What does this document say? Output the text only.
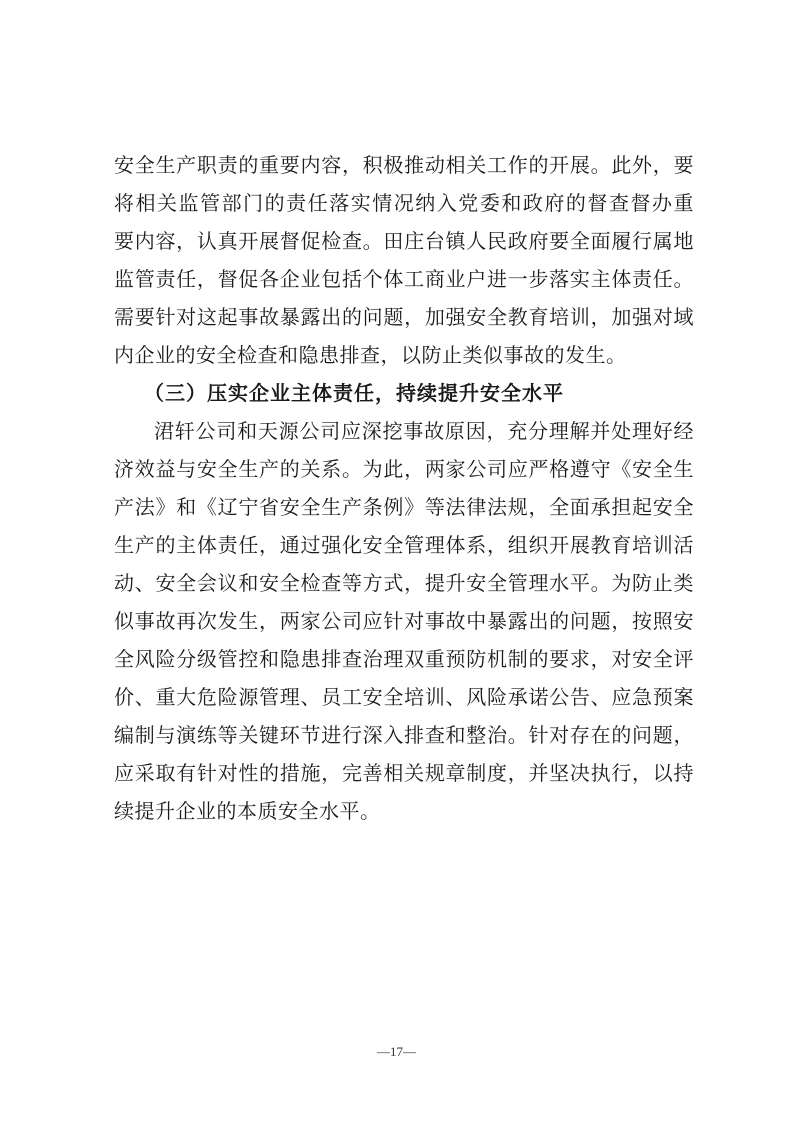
安全生产职责的重要内容，积极推动相关工作的开展。此外，要
将相关监管部门的责任落实情况纳入党委和政府的督查督办重
要内容，认真开展督促检查。田庄台镇人民政府要全面履行属地
监管责任，督促各企业包括个体工商业户进一步落实主体责任。
需要针对这起事故暴露出的问题，加强安全教育培训，加强对域
内企业的安全检查和隐患排查，以防止类似事故的发生。
（三）压实企业主体责任，持续提升安全水平
涒轩公司和天源公司应深挖事故原因，充分理解并处理好经
济效益与安全生产的关系。为此，两家公司应严格遵守《安全生
产法》和《辽宁省安全生产条例》等法律法规，全面承担起安全
生产的主体责任，通过强化安全管理体系，组织开展教育培训活
动、安全会议和安全检查等方式，提升安全管理水平。为防止类
似事故再次发生，两家公司应针对事故中暴露出的问题，按照安
全风险分级管控和隐患排查治理双重预防机制的要求，对安全评
价、重大危险源管理、员工安全培训、风险承诺公告、应急预案
编制与演练等关键环节进行深入排查和整治。针对存在的问题，
应采取有针对性的措施，完善相关规章制度，并坚决执行，以持
续提升企业的本质安全水平。
—17—
